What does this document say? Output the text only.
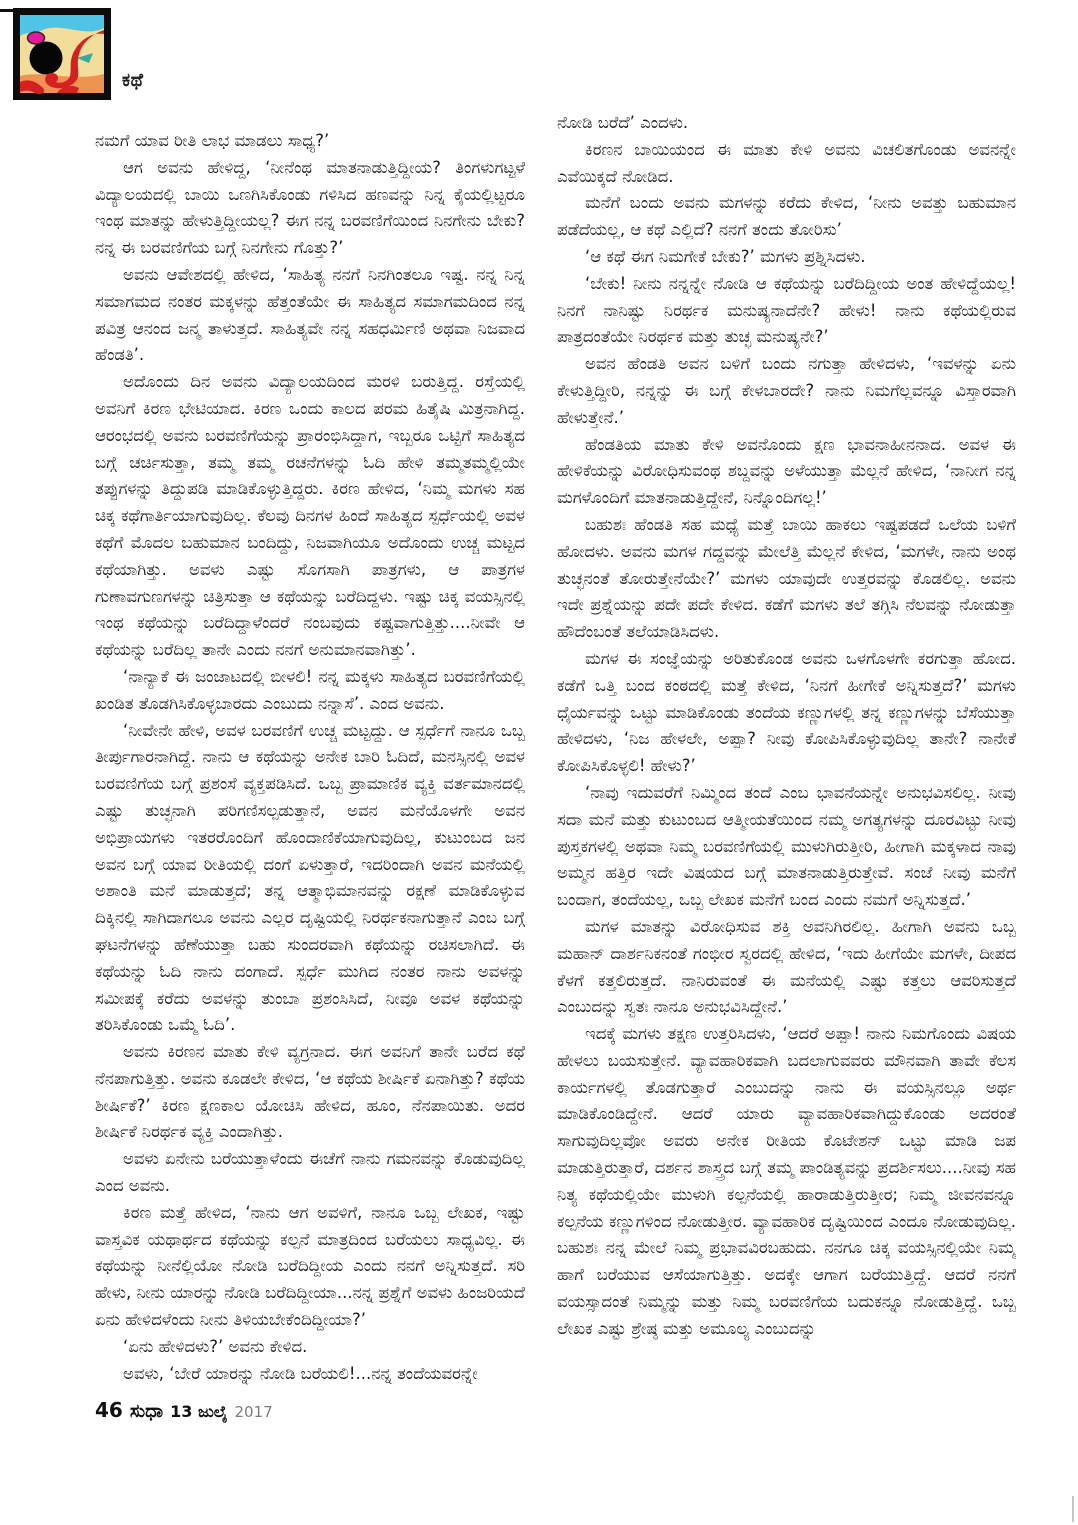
ಕಥೆ

ನಮಗೆ ಯಾವ ರೀತಿ ಲಾಭ ಮಾಡಲು ಸಾಧ್ಯ?’

ಆಗ ಅವನು ಹೇಳಿದ್ದ, ‘ನೀನೆಂಥ ಮಾತನಾಡುತ್ತಿದ್ದೀಯ? ತಿಂಗಳುಗಟ್ಟಳೆ ವಿದ್ಯಾಲಯದಲ್ಲಿ ಬಾಯಿ ಒಣಗಿಸಿಕೊಂಡು ಗಳಿಸಿದ ಹಣವನ್ನು ನಿನ್ನ ಕೈಯಲ್ಲಿಟ್ಟರೂ ಇಂಥ ಮಾತನ್ನು ಹೇಳುತ್ತಿದ್ದೀಯಲ್ಲ? ಈಗ ನನ್ನ ಬರವಣಿಗೆಯಿಂದ ನಿನಗೇನು ಬೇಕು? ನನ್ನ ಈ ಬರವಣಿಗೆಯ ಬಗ್ಗೆ ನಿನಗೇನು ಗೊತ್ತು?’

ಅವನು ಆವೇಶದಲ್ಲಿ ಹೇಳಿದ, ‘ಸಾಹಿತ್ಯ ನನಗೆ ನಿನಗಿಂತಲೂ ಇಷ್ಟ. ನನ್ನ ನಿನ್ನ ಸಮಾಗಮದ ನಂತರ ಮಕ್ಕಳನ್ನು ಹೆತ್ತಂತೆಯೇ ಈ ಸಾಹಿತ್ಯದ ಸಮಾಗಮದಿಂದ ನನ್ನ ಪವಿತ್ರ ಆನಂದ ಜನ್ಮ ತಾಳುತ್ತದೆ. ಸಾಹಿತ್ಯವೇ ನನ್ನ ಸಹಧರ್ಮಿಣಿ ಅಥವಾ ನಿಜವಾದ ಹೆಂಡತಿ’.

ಅದೊಂದು ದಿನ ಅವನು ವಿದ್ಯಾಲಯದಿಂದ ಮರಳಿ ಬರುತ್ತಿದ್ದ. ರಸ್ತೆಯಲ್ಲಿ ಅವನಿಗೆ ಕಿರಣ ಭೇಟಿಯಾದ. ಕಿರಣ ಒಂದು ಕಾಲದ ಪರಮ ಹಿತೈಷಿ ಮಿತ್ರನಾಗಿದ್ದ. ಆರಂಭದಲ್ಲಿ ಅವನು ಬರವಣಿಗೆಯನ್ನು ಪ್ರಾರಂಭಿಸಿದ್ದಾಗ, ಇಬ್ಬರೂ ಒಟ್ಟಿಗೆ ಸಾಹಿತ್ಯದ ಬಗ್ಗೆ ಚರ್ಚಿಸುತ್ತಾ, ತಮ್ಮ ತಮ್ಮ ರಚನೆಗಳನ್ನು ಓದಿ ಹೇಳಿ ತಮ್ಮತಮ್ಮಲ್ಲಿಯೇ ತಪ್ಪುಗಳನ್ನು ತಿದ್ದುಪಡಿ ಮಾಡಿಕೊಳ್ಳುತ್ತಿದ್ದರು. ಕಿರಣ ಹೇಳಿದ, ‘ನಿಮ್ಮ ಮಗಳು ಸಹ ಚಿಕ್ಕ ಕಥೆಗಾರ್ತಿಯಾಗುವುದಿಲ್ಲ. ಕೆಲವು ದಿನಗಳ ಹಿಂದೆ ಸಾಹಿತ್ಯದ ಸ್ಪರ್ಧೆಯಲ್ಲಿ ಅವಳ ಕಥೆಗೆ ಮೊದಲ ಬಹುಮಾನ ಬಂದಿದ್ದು, ನಿಜವಾಗಿಯೂ ಅದೊಂದು ಉಚ್ಚ ಮಟ್ಟದ ಕಥೆಯಾಗಿತ್ತು. ಅವಳು ಎಷ್ಟು ಸೊಗಸಾಗಿ ಪಾತ್ರಗಳು, ಆ ಪಾತ್ರಗಳ ಗುಣಾವಗುಣಗಳನ್ನು ಚಿತ್ರಿಸುತ್ತಾ ಆ ಕಥೆಯನ್ನು ಬರೆದಿದ್ದಳು. ಇಷ್ಟು ಚಿಕ್ಕ ವಯಸ್ಸಿನಲ್ಲಿ ಇಂಥ ಕಥೆಯನ್ನು ಬರೆದಿದ್ದಾಳೆಂದರೆ ನಂಬವುದು ಕಷ್ಟವಾಗುತ್ತಿತ್ತು....ನೀವೇ ಆ ಕಥೆಯನ್ನು ಬರೆದಿಲ್ಲ ತಾನೇ ಎಂದು ನನಗೆ ಅನುಮಾನವಾಗಿತ್ತು’.

‘ನಾನ್ಯಾಕೆ ಈ ಜಂಜಾಟದಲ್ಲಿ ಬೀಳಲಿ! ನನ್ನ ಮಕ್ಕಳು ಸಾಹಿತ್ಯದ ಬರವಣಿಗೆಯಲ್ಲಿ ಖಂಡಿತ ತೊಡಗಿಸಿಕೊಳ್ಳಬಾರದು ಎಂಬುದು ನನ್ನಾಸೆ’. ಎಂದ ಅವನು.

‘ನೀವೇನೇ ಹೇಳಿ, ಅವಳ ಬರವಣಿಗೆ ಉಚ್ಚ ಮಟ್ಟದ್ದು. ಆ ಸ್ಪರ್ಧೆಗೆ ನಾನೂ ಒಬ್ಬ ತೀರ್ಪುಗಾರನಾಗಿದ್ದೆ. ನಾನು ಆ ಕಥೆಯನ್ನು ಅನೇಕ ಬಾರಿ ಓದಿದೆ, ಮನಸ್ಸಿನಲ್ಲಿ ಅವಳ ಬರವಣಿಗೆಯ ಬಗ್ಗೆ ಪ್ರಶಂಸೆ ವ್ಯಕ್ತಪಡಿಸಿದೆ. ಒಬ್ಬ ಪ್ರಾಮಾಣಿಕ ವ್ಯಕ್ತಿ ವರ್ತಮಾನದಲ್ಲಿ ಎಷ್ಟು ತುಚ್ಛನಾಗಿ ಪರಿಗಣಿಸಲ್ಪಡುತ್ತಾನೆ, ಅವನ ಮನೆಯೊಳಗೇ ಅವನ ಅಭಿಪ್ರಾಯಗಳು ಇತರರೊಂದಿಗೆ ಹೊಂದಾಣಿಕೆಯಾಗುವುದಿಲ್ಲ, ಕುಟುಂಬದ ಜನ ಅವನ ಬಗ್ಗೆ ಯಾವ ರೀತಿಯಲ್ಲಿ ದಂಗೆ ಏಳುತ್ತಾರೆ, ಇದರಿಂದಾಗಿ ಅವನ ಮನೆಯಲ್ಲಿ ಅಶಾಂತಿ ಮನೆ ಮಾಡುತ್ತದೆ; ತನ್ನ ಆತ್ಮಾಭಿಮಾನವನ್ನು ರಕ್ಷಣೆ ಮಾಡಿಕೊಳ್ಳುವ ದಿಕ್ಕಿನಲ್ಲಿ ಸಾಗಿದಾಗಲೂ ಅವನು ಎಲ್ಲರ ದೃಷ್ಟಿಯಲ್ಲಿ ನಿರರ್ಥಕನಾಗುತ್ತಾನೆ ಎಂಬ ಬಗ್ಗೆ ಘಟನೆಗಳನ್ನು ಹೆಣೆಯುತ್ತಾ ಬಹು ಸುಂದರವಾಗಿ ಕಥೆಯನ್ನು ರಚಿಸಲಾಗಿದೆ. ಈ ಕಥೆಯನ್ನು ಓದಿ ನಾನು ದಂಗಾದೆ. ಸ್ಪರ್ಧೆ ಮುಗಿದ ನಂತರ ನಾನು ಅವಳನ್ನು ಸಮೀಪಕ್ಕೆ ಕರೆದು ಅವಳನ್ನು ತುಂಬಾ ಪ್ರಶಂಸಿಸಿದೆ, ನೀವೂ ಅವಳ ಕಥೆಯನ್ನು ತರಿಸಿಕೊಂಡು ಒಮ್ಮೆ ಓದಿ’.

ಅವನು ಕಿರಣನ ಮಾತು ಕೇಳಿ ವ್ಯಗ್ರನಾದ. ಈಗ ಅವನಿಗೆ ತಾನೇ ಬರೆದ ಕಥೆ ನೆನಪಾಗುತ್ತಿತ್ತು. ಅವನು ಕೂಡಲೇ ಕೇಳಿದ, ‘ಆ ಕಥೆಯ ಶೀರ್ಷಿಕೆ ಏನಾಗಿತ್ತು? ಕಥೆಯ ಶೀರ್ಷಿಕೆ?’ ಕಿರಣ ಕ್ಷಣಕಾಲ ಯೋಚಿಸಿ ಹೇಳಿದ, ಹೂಂ, ನೆನಪಾಯಿತು. ಅದರ ಶೀರ್ಷಿಕೆ ನಿರರ್ಥಕ ವ್ಯಕ್ತಿ ಎಂದಾಗಿತ್ತು.

ಅವಳು ಏನೇನು ಬರೆಯುತ್ತಾಳೆಂದು ಈಚೆಗೆ ನಾನು ಗಮನವನ್ನು ಕೊಡುವುದಿಲ್ಲ ಎಂದ ಅವನು.

ಕಿರಣ ಮತ್ತೆ ಹೇಳಿದ, ‘ನಾನು ಆಗ ಅವಳಿಗೆ, ನಾನೂ ಒಬ್ಬ ಲೇಖಕ, ಇಷ್ಟು ವಾಸ್ತವಿಕ ಯಥಾರ್ಥದ ಕಥೆಯನ್ನು ಕಲ್ಪನೆ ಮಾತ್ರದಿಂದ ಬರೆಯಲು ಸಾಧ್ಯವಿಲ್ಲ. ಈ ಕಥೆಯನ್ನು ನೀನೆಲ್ಲಿಯೋ ನೋಡಿ ಬರೆದಿದ್ದೀಯ ಎಂದು ನನಗೆ ಅನ್ನಿಸುತ್ತದೆ. ಸರಿ ಹೇಳು, ನೀನು ಯಾರನ್ನು ನೋಡಿ ಬರೆದಿದ್ದೀಯಾ...ನನ್ನ ಪ್ರಶ್ನೆಗೆ ಅವಳು ಹಿಂಜರಿಯದೆ ಏನು ಹೇಳಿದಳೆಂದು ನೀನು ತಿಳಿಯಬೇಕೆಂದಿದ್ದೀಯಾ?’

‘ಏನು ಹೇಳಿದಳು?’ ಅವನು ಕೇಳಿದ.

ಅವಳು, ‘ಬೇರೆ ಯಾರನ್ನು ನೋಡಿ ಬರೆಯಲಿ!...ನನ್ನ ತಂದೆಯವರನ್ನೇ

ನೋಡಿ ಬರೆದೆ’ ಎಂದಳು.

ಕಿರಣನ ಬಾಯಿಯಂದ ಈ ಮಾತು ಕೇಳಿ ಅವನು ವಿಚಲಿತಗೊಂಡು ಅವನನ್ನೇ ಎವೆಯಿಕ್ಕದೆ ನೋಡಿದ.

ಮನೆಗೆ ಬಂದು ಅವನು ಮಗಳನ್ನು ಕರೆದು ಕೇಳಿದ, ‘ನೀನು ಅವತ್ತು ಬಹುಮಾನ ಪಡೆದೆಯಲ್ಲ, ಆ ಕಥೆ ಎಲ್ಲಿದೆ? ನನಗೆ ತಂದು ತೋರಿಸು’

‘ಆ ಕಥೆ ಈಗ ನಿಮಗೇಕೆ ಬೇಕು?’ ಮಗಳು ಪ್ರಶ್ನಿಸಿದಳು.

‘ಬೇಕು! ನೀನು ನನ್ನನ್ನೇ ನೋಡಿ ಆ ಕಥೆಯನ್ನು ಬರೆದಿದ್ದೀಯ ಅಂತ ಹೇಳಿದ್ದೆಯಲ್ಲ! ನಿನಗೆ ನಾನಿಷ್ಟು ನಿರರ್ಥಕ ಮನುಷ್ಯನಾದೆನೇ? ಹೇಳು! ನಾನು ಕಥೆಯಲ್ಲಿರುವ ಪಾತ್ರದಂತೆಯೇ ನಿರರ್ಥಕ ಮತ್ತು ತುಚ್ಛ ಮನುಷ್ಯನೇ?’

ಅವನ ಹೆಂಡತಿ ಅವನ ಬಳಿಗೆ ಬಂದು ನಗುತ್ತಾ ಹೇಳಿದಳು, ‘ಇವಳನ್ನು ಏನು ಕೇಳುತ್ತಿದ್ದೀರಿ, ನನ್ನನ್ನು ಈ ಬಗ್ಗೆ ಕೇಳಬಾರದೇ? ನಾನು ನಿಮಗೆಲ್ಲವನ್ನೂ ವಿಸ್ತಾರವಾಗಿ ಹೇಳುತ್ತೇನೆ.’

ಹೆಂಡತಿಯ ಮಾತು ಕೇಳಿ ಅವನೊಂದು ಕ್ಷಣ ಭಾವನಾಹೀನನಾದ. ಅವಳ ಈ ಹೇಳಿಕೆಯನ್ನು ವಿರೋಧಿಸುವಂಥ ಶಬ್ದವನ್ನು ಅಳೆಯುತ್ತಾ ಮೆಲ್ಲನೆ ಹೇಳಿದ, ‘ನಾನೀಗ ನನ್ನ ಮಗಳೊಂದಿಗೆ ಮಾತನಾಡುತ್ತಿದ್ದೇನೆ, ನಿನ್ನೊಂದಿಗಲ್ಲ!’

ಬಹುಶಃ ಹೆಂಡತಿ ಸಹ ಮಧ್ಯೆ ಮತ್ತೆ ಬಾಯಿ ಹಾಕಲು ಇಷ್ಟಪಡದೆ ಒಲೆಯ ಬಳಿಗೆ ಹೋದಳು. ಅವನು ಮಗಳ ಗದ್ದವನ್ನು ಮೇಲೆತ್ತಿ ಮೆಲ್ಲನೆ ಕೇಳಿದ, ‘ಮಗಳೇ, ನಾನು ಅಂಥ ತುಚ್ಛನಂತೆ ತೋರುತ್ತೇನೆಯೇ?’ ಮಗಳು ಯಾವುದೇ ಉತ್ತರವನ್ನು ಕೊಡಲಿಲ್ಲ. ಅವನು ಇದೇ ಪ್ರಶ್ನೆಯನ್ನು ಪದೇ ಪದೇ ಕೇಳಿದ. ಕಡೆಗೆ ಮಗಳು ತಲೆ ತಗ್ಗಿಸಿ ನೆಲವನ್ನು ನೋಡುತ್ತಾ ಹೌದೆಂಬಂತೆ ತಲೆಯಾಡಿಸಿದಳು.

ಮಗಳ ಈ ಸಂಜ್ಞೆಯನ್ನು ಅರಿತುಕೊಂಡ ಅವನು ಒಳಗೊಳಗೇ ಕರಗುತ್ತಾ ಹೋದ. ಕಡೆಗೆ ಒತ್ತಿ ಬಂದ ಕಂಠದಲ್ಲಿ ಮತ್ತೆ ಕೇಳಿದ, ‘ನಿನಗೆ ಹೀಗೇಕೆ ಅನ್ನಿಸುತ್ತದೆ?’ ಮಗಳು ಧೈರ್ಯವನ್ನು ಒಟ್ಟು ಮಾಡಿಕೊಂಡು ತಂದೆಯ ಕಣ್ಣುಗಳಲ್ಲಿ ತನ್ನ ಕಣ್ಣುಗಳನ್ನು ಬೆಸೆಯುತ್ತಾ ಹೇಳಿದಳು, ‘ನಿಜ ಹೇಳಲೇ, ಅಪ್ಪಾ? ನೀವು ಕೋಪಿಸಿಕೊಳ್ಳುವುದಿಲ್ಲ ತಾನೇ? ನಾನೇಕೆ ಕೋಪಿಸಿಕೊಳ್ಳಲಿ! ಹೇಳು?’

‘ನಾವು ಇದುವರೆಗೆ ನಿಮ್ಮಿಂದ ತಂದೆ ಎಂಬ ಭಾವನೆಯನ್ನೇ ಅನುಭವಿಸಲಿಲ್ಲ. ನೀವು ಸದಾ ಮನೆ ಮತ್ತು ಕುಟುಂಬದ ಆತ್ಮೀಯತೆಯಿಂದ ನಮ್ಮ ಅಗತ್ಯಗಳನ್ನು ದೂರವಿಟ್ಟು ನೀವು ಪುಸ್ತಕಗಳಲ್ಲಿ ಅಥವಾ ನಿಮ್ಮ ಬರವಣಿಗೆಯಲ್ಲಿ ಮುಳುಗಿರುತ್ತೀರಿ, ಹೀಗಾಗಿ ಮಕ್ಕಳಾದ ನಾವು ಅಮ್ಮನ ಹತ್ತಿರ ಇದೇ ವಿಷಯದ ಬಗ್ಗೆ ಮಾತನಾಡುತ್ತಿರುತ್ತೇವೆ. ಸಂಜೆ ನೀವು ಮನೆಗೆ ಬಂದಾಗ, ತಂದೆಯಲ್ಲ, ಒಬ್ಬ ಲೇಖಕ ಮನೆಗೆ ಬಂದ ಎಂದು ನಮಗೆ ಅನ್ನಿಸುತ್ತದೆ.’

ಮಗಳ ಮಾತನ್ನು ವಿರೋಧಿಸುವ ಶಕ್ತಿ ಅವನಿಗಿರಲಿಲ್ಲ. ಹೀಗಾಗಿ ಅವನು ಒಬ್ಬ ಮಹಾನ್ ದಾರ್ಶನಿಕನಂತೆ ಗಂಭೀರ ಸ್ವರದಲ್ಲಿ ಹೇಳಿದ, ‘ಇದು ಹೀಗೆಯೇ ಮಗಳೇ, ದೀಪದ ಕೆಳಗೆ ಕತ್ತಲಿರುತ್ತದೆ. ನಾನಿರುವಂತೆ ಈ ಮನೆಯಲ್ಲಿ ಎಷ್ಟು ಕತ್ತಲು ಆವರಿಸುತ್ತದೆ ಎಂಬುದನ್ನು ಸ್ವತಃ ನಾನೂ ಅನುಭವಿಸಿದ್ದೇನೆ.’

ಇದಕ್ಕೆ ಮಗಳು ತಕ್ಷಣ ಉತ್ತರಿಸಿದಳು, ‘ಆದರೆ ಅಪ್ಪಾ! ನಾನು ನಿಮಗೊಂದು ವಿಷಯ ಹೇಳಲು ಬಯಸುತ್ತೇನೆ. ವ್ಯಾವಹಾರಿಕವಾಗಿ ಬದಲಾಗುವವರು ಮೌನವಾಗಿ ತಾವೇ ಕೆಲಸ ಕಾರ್ಯಗಳಲ್ಲಿ ತೊಡಗುತ್ತಾರೆ ಎಂಬುದನ್ನು ನಾನು ಈ ವಯಸ್ಸಿನಲ್ಲೂ ಅರ್ಥ ಮಾಡಿಕೊಂಡಿದ್ದೇನೆ. ಆದರೆ ಯಾರು ವ್ಯಾವಹಾರಿಕವಾಗಿದ್ದುಕೊಂಡು ಅದರಂತೆ ಸಾಗುವುದಿಲ್ಲವೋ ಅವರು ಅನೇಕ ರೀತಿಯ ಕೊಟೇಶನ್ ಒಟ್ಟು ಮಾಡಿ ಜಪ ಮಾಡುತ್ತಿರುತ್ತಾರೆ, ದರ್ಶನ ಶಾಸ್ತ್ರದ ಬಗ್ಗೆ ತಮ್ಮ ಪಾಂಡಿತ್ಯವನ್ನು ಪ್ರದರ್ಶಿಸಲು....ನೀವು ಸಹ ನಿತ್ಯ ಕಥೆಯಲ್ಲಿಯೇ ಮುಳುಗಿ ಕಲ್ಪನೆಯಲ್ಲಿ ಹಾರಾಡುತ್ತಿರುತ್ತೀರ; ನಿಮ್ಮ ಜೀವನವನ್ನೂ ಕಲ್ಪನೆಯ ಕಣ್ಣುಗಳಿಂದ ನೋಡುತ್ತೀರ. ವ್ಯಾವಹಾರಿಕ ದೃಷ್ಟಿಯಿಂದ ಎಂದೂ ನೋಡುವುದಿಲ್ಲ. ಬಹುಶಃ ನನ್ನ ಮೇಲೆ ನಿಮ್ಮ ಪ್ರಭಾವವಿರಬಹುದು. ನನಗೂ ಚಿಕ್ಕ ವಯಸ್ಸಿನಲ್ಲಿಯೇ ನಿಮ್ಮ ಹಾಗೆ ಬರೆಯುವ ಆಸೆಯಾಗುತ್ತಿತ್ತು. ಅದಕ್ಕೇ ಆಗಾಗ ಬರೆಯುತ್ತಿದ್ದೆ. ಆದರೆ ನನಗೆ ವಯಸ್ಸಾದಂತೆ ನಿಮ್ಮನ್ನು ಮತ್ತು ನಿಮ್ಮ ಬರವಣಿಗೆಯ ಬದುಕನ್ನೂ ನೋಡುತ್ತಿದ್ದೆ. ಒಬ್ಬ ಲೇಖಕ ಎಷ್ಟು ಶ್ರೇಷ್ಠ ಮತ್ತು ಅಮೂಲ್ಯ ಎಂಬುದನ್ನು

46 ಸುಧಾ 13 ಜುಲೈ 2017
